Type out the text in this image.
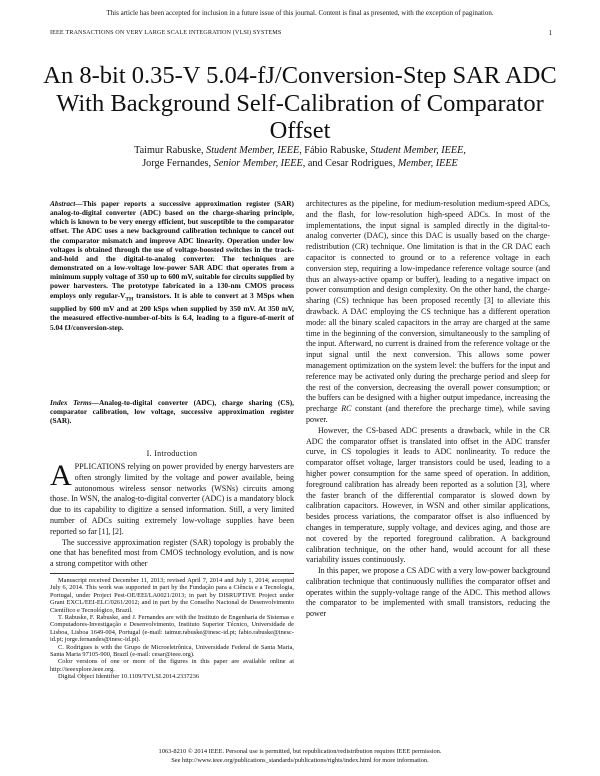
This article has been accepted for inclusion in a future issue of this journal. Content is final as presented, with the exception of pagination.
IEEE TRANSACTIONS ON VERY LARGE SCALE INTEGRATION (VLSI) SYSTEMS	1
An 8-bit 0.35-V 5.04-fJ/Conversion-Step SAR ADC With Background Self-Calibration of Comparator Offset
Taimur Rabuske, Student Member, IEEE, Fábio Rabuske, Student Member, IEEE,
Jorge Fernandes, Senior Member, IEEE, and Cesar Rodrigues, Member, IEEE
Abstract—This paper reports a successive approximation register (SAR) analog-to-digital converter (ADC) based on the charge-sharing principle, which is known to be very energy efficient, but susceptible to the comparator offset. The ADC uses a new background calibration technique to cancel out the comparator mismatch and improve ADC linearity. Operation under low voltages is obtained through the use of voltage-boosted switches in the track-and-hold and the digital-to-analog converter. The techniques are demonstrated on a low-voltage low-power SAR ADC that operates from a minimum supply voltage of 350 up to 600 mV, suitable for circuits supplied by power harvesters. The prototype fabricated in a 130-nm CMOS process employs only regular-$V_{TH}$ transistors. It is able to convert at 3 MSps when supplied by 600 mV and at 200 kSps when supplied by 350 mV. At 350 mV, the measured effective-number-of-bits is 6.4, leading to a figure-of-merit of 5.04 fJ/conversion-step.
Index Terms—Analog-to-digital converter (ADC), charge sharing (CS), comparator calibration, low voltage, successive approximation register (SAR).
I. Introduction

APPLICATIONS relying on power provided by energy harvesters are often strongly limited by the voltage and power available, being autonomous wireless sensor networks (WSNs) circuits among those. In WSN, the analog-to-digital converter (ADC) is a mandatory block due to its capability to digitize a sensed information. Still, a very limited number of ADCs suiting extremely low-voltage supplies have been reported so far [1], [2].

The successive approximation register (SAR) topology is probably the one that has benefited most from CMOS technology evolution, and is now a strong competitor with other

Manuscript received December 11, 2013; revised April 7, 2014 and July 1, 2014; accepted July 6, 2014. This work was supported in part by the Fundação para a Ciência e a Tecnologia, Portugal, under Project Pest-OE/EEI/LA0021/2013; in part by DISRUPTIVE Project under Grant EXCL/EEI-ELC/0261/2012; and in part by the Conselho Nacional de Desenvolvimento Científico e Tecnológico, Brazil.

T. Rabuske, F. Rabuske, and J. Fernandes are with the Instituto de Engenharia de Sistemas e Computadores-Investigação e Desenvolvimento, Instituto Superior Técnico, Universidade de Lisboa, Lisboa 1649-004, Portugal (e-mail: taimur.rabuske@inesc-id.pt; fabio.rabuske@inesc-id.pt; jorge.fernandes@inesc-id.pt).

C. Rodrigues is with the Grupo de Microeletrônica, Universidade Federal de Santa Maria, Santa Maria 97105-900, Brazil (e-mail: cesar@ieee.org).

Color versions of one or more of the figures in this paper are available online at http://ieeexplore.ieee.org.

Digital Object Identifier 10.1109/TVLSI.2014.2337236

architectures as the pipeline, for medium-resolution medium-speed ADCs, and the flash, for low-resolution high-speed ADCs. In most of the implementations, the input signal is sampled directly in the digital-to-analog converter (DAC), since this DAC is usually based on the charge-redistribution (CR) technique. One limitation is that in the CR DAC each capacitor is connected to ground or to a reference voltage in each conversion step, requiring a low-impedance reference voltage source (and thus an always-active opamp or buffer), leading to a negative impact on power consumption and design complexity. On the other hand, the charge-sharing (CS) technique has been proposed recently [3] to alleviate this drawback. A DAC employing the CS technique has a different operation mode: all the binary scaled capacitors in the array are charged at the same time in the beginning of the conversion, simultaneously to the sampling of the input. Afterward, no current is drained from the reference voltage or the input signal until the next conversion. This allows some power management optimization on the system level: the buffers for the input and reference may be activated only during the precharge period and sleep for the rest of the conversion, decreasing the overall power consumption; or the buffers can be designed with a higher output impedance, increasing the precharge RC constant (and therefore the precharge time), while saving power.

However, the CS-based ADC presents a drawback, while in the CR ADC the comparator offset is translated into offset in the ADC transfer curve, in CS topologies it leads to ADC nonlinearity. To reduce the comparator offset voltage, larger transistors could be used, leading to a higher power consumption for the same speed of operation. In addition, foreground calibration has already been reported as a solution [3], where the faster branch of the differential comparator is slowed down by calibration capacitors. However, in WSN and other similar applications, besides process variations, the comparator offset is also influenced by changes in temperature, supply voltage, and devices aging, and those are not covered by the reported foreground calibration. A background calibration technique, on the other hand, would account for all these variability issues continuously.

In this paper, we propose a CS ADC with a very low-power background calibration technique that continuously nullifies the comparator offset and operates within the supply-voltage range of the ADC. This method allows the comparator to be implemented with small transistors, reducing the power

1063-8210 © 2014 IEEE. Personal use is permitted, but republication/redistribution requires IEEE permission.
See http://www.ieee.org/publications_standards/publications/rights/index.html for more information.
